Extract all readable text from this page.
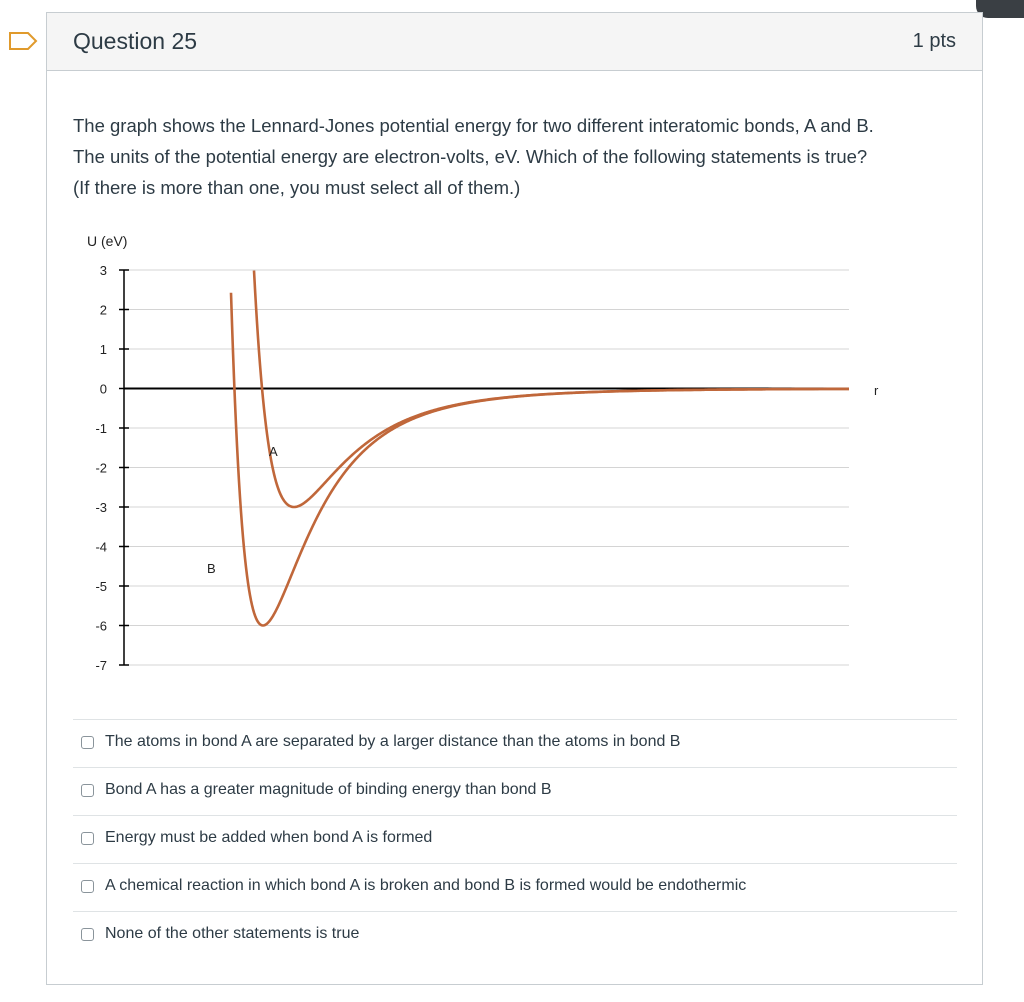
Question 25	1 pts

The graph shows the Lennard-Jones potential energy for two different interatomic bonds, A and B.

The units of the potential energy are electron-volts, eV. Which of the following statements is true?

(If there is more than one, you must select all of them.)

3
2
1
0
-1
-2
-3
-4
-5
-6
-7
U (eV)
r
A
B
The atoms in bond A are separated by a larger distance than the atoms in bond B
Bond A has a greater magnitude of binding energy than bond B
Energy must be added when bond A is formed
A chemical reaction in which bond A is broken and bond B is formed would be endothermic
None of the other statements is true
